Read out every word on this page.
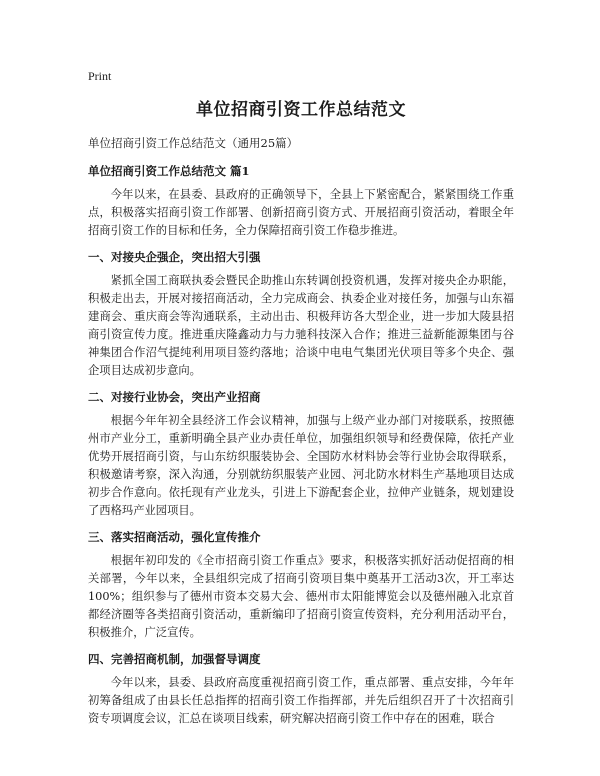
Print
单位招商引资工作总结范文
单位招商引资工作总结范文（通用25篇）
单位招商引资工作总结范文 篇1

今年以来，在县委、县政府的正确领导下，全县上下紧密配合，紧紧围绕工作重点，积极落实招商引资工作部署、创新招商引资方式、开展招商引资活动，着眼全年招商引资工作的目标和任务，全力保障招商引资工作稳步推进。

一、对接央企强企，突出招大引强

紧抓全国工商联执委会暨民企助推山东转调创投资机遇，发挥对接央企办职能，积极走出去，开展对接招商活动，全力完成商会、执委企业对接任务，加强与山东福建商会、重庆商会等沟通联系，主动出击、积极拜访各大型企业，进一步加大陵县招商引资宣传力度。推进重庆隆鑫动力与力驰科技深入合作；推进三益新能源集团与谷神集团合作沼气提纯利用项目签约落地；洽谈中电电气集团光伏项目等多个央企、强企项目达成初步意向。

二、对接行业协会，突出产业招商

根据今年年初全县经济工作会议精神，加强与上级产业办部门对接联系，按照德州市产业分工，重新明确全县产业办责任单位，加强组织领导和经费保障，依托产业优势开展招商引资，与山东纺织服装协会、全国防水材料协会等行业协会取得联系，积极邀请考察，深入沟通，分别就纺织服装产业园、河北防水材料生产基地项目达成初步合作意向。依托现有产业龙头，引进上下游配套企业，拉伸产业链条，规划建设了西格玛产业园项目。

三、落实招商活动，强化宣传推介

根据年初印发的《全市招商引资工作重点》要求，积极落实抓好活动促招商的相关部署，今年以来，全县组织完成了招商引资项目集中奠基开工活动3次，开工率达100%；组织参与了德州市资本交易大会、德州市太阳能博览会以及德州融入北京首都经济圈等各类招商引资活动，重新编印了招商引资宣传资料，充分利用活动平台，积极推介，广泛宣传。

四、完善招商机制，加强督导调度

今年以来，县委、县政府高度重视招商引资工作，重点部署、重点安排，今年年初筹备组成了由县长任总指挥的招商引资工作指挥部，并先后组织召开了十次招商引资专项调度会议，汇总在谈项目线索，研究解决招商引资工作中存在的困难，联合
